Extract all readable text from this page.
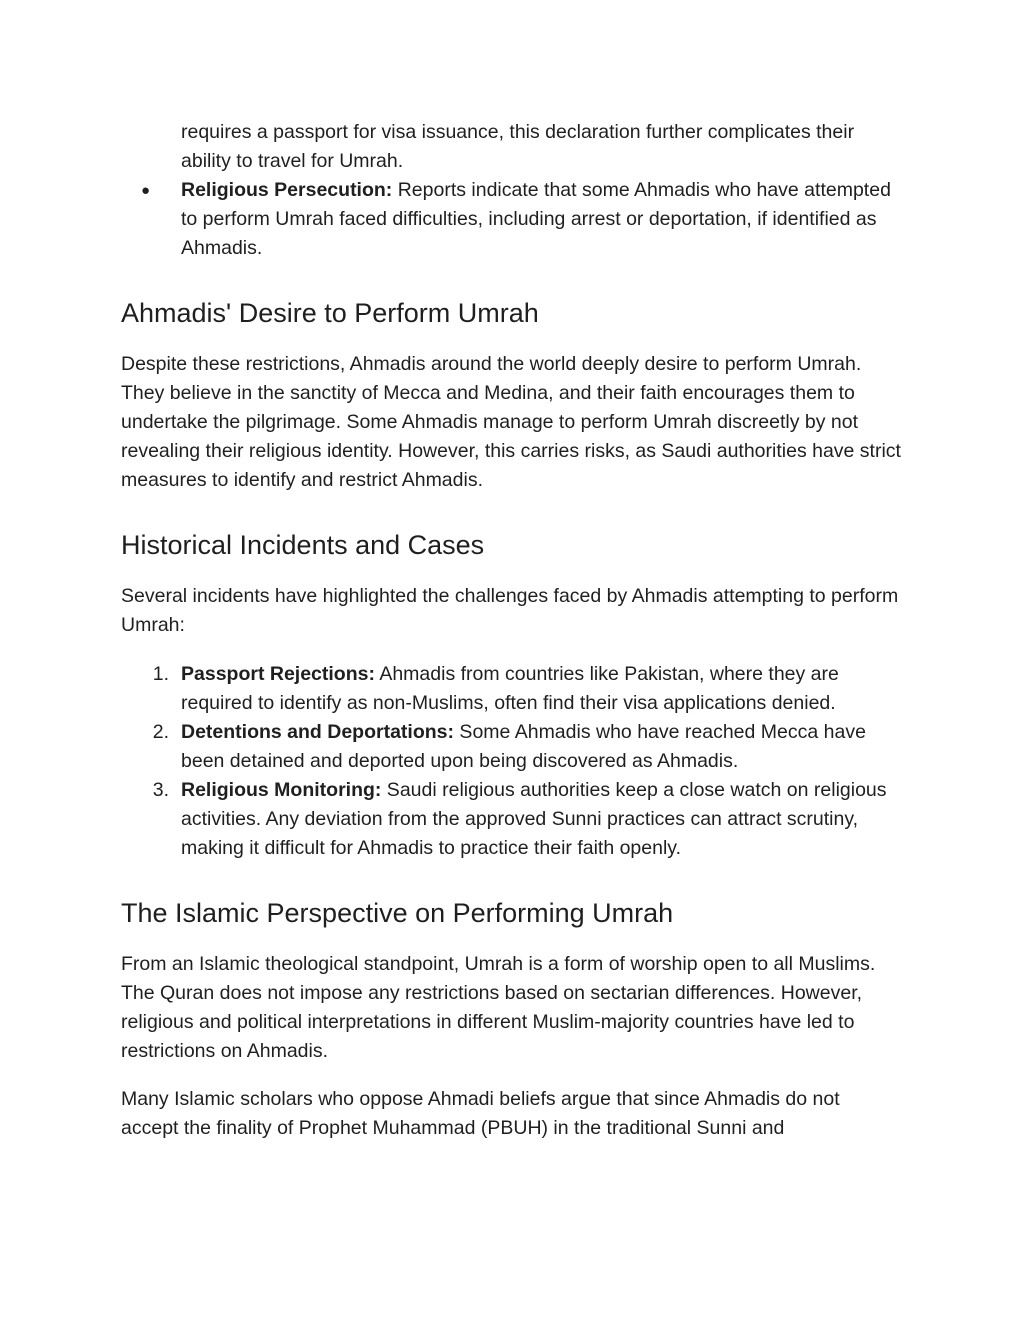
requires a passport for visa issuance, this declaration further complicates their ability to travel for Umrah.

● Religious Persecution: Reports indicate that some Ahmadis who have attempted to perform Umrah faced difficulties, including arrest or deportation, if identified as Ahmadis.
Ahmadis' Desire to Perform Umrah

Despite these restrictions, Ahmadis around the world deeply desire to perform Umrah. They believe in the sanctity of Mecca and Medina, and their faith encourages them to undertake the pilgrimage. Some Ahmadis manage to perform Umrah discreetly by not revealing their religious identity. However, this carries risks, as Saudi authorities have strict measures to identify and restrict Ahmadis.

Historical Incidents and Cases

Several incidents have highlighted the challenges faced by Ahmadis attempting to perform Umrah:

1. Passport Rejections: Ahmadis from countries like Pakistan, where they are required to identify as non-Muslims, often find their visa applications denied.
2. Detentions and Deportations: Some Ahmadis who have reached Mecca have been detained and deported upon being discovered as Ahmadis.
3. Religious Monitoring: Saudi religious authorities keep a close watch on religious activities. Any deviation from the approved Sunni practices can attract scrutiny, making it difficult for Ahmadis to practice their faith openly.
The Islamic Perspective on Performing Umrah

From an Islamic theological standpoint, Umrah is a form of worship open to all Muslims. The Quran does not impose any restrictions based on sectarian differences. However, religious and political interpretations in different Muslim-majority countries have led to restrictions on Ahmadis.

Many Islamic scholars who oppose Ahmadi beliefs argue that since Ahmadis do not accept the finality of Prophet Muhammad (PBUH) in the traditional Sunni and
